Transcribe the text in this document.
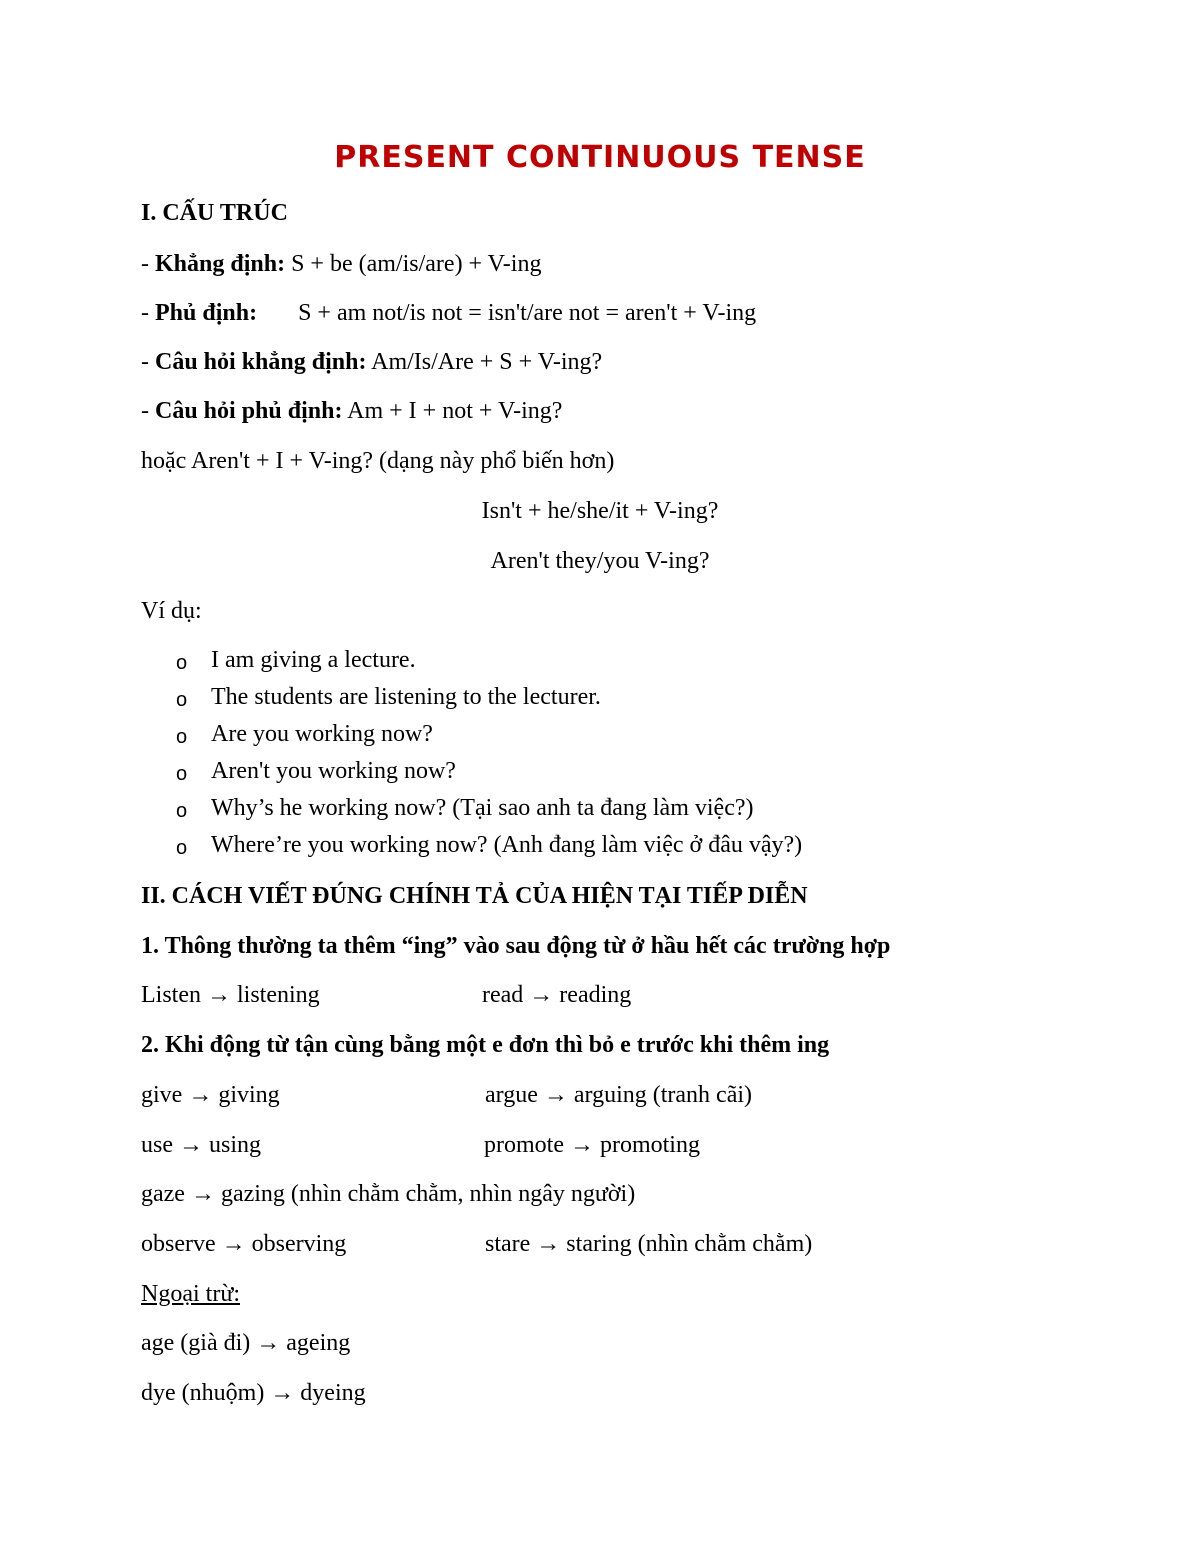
PRESENT CONTINUOUS TENSE
I. CẤU TRÚC
- Khẳng định: S + be (am/is/are) + V-ing
- Phủ định: S + am not/is not = isn't/are not = aren't + V-ing
- Câu hỏi khẳng định: Am/Is/Are + S + V-ing?
- Câu hỏi phủ định: Am + I + not + V-ing?
hoặc Aren't + I + V-ing? (dạng này phổ biến hơn)
Isn't + he/she/it + V-ing?
Aren't they/you V-ing?
Ví dụ:
o I am giving a lecture.
o The students are listening to the lecturer.
o Are you working now?
o Aren't you working now?
o Why’s he working now? (Tại sao anh ta đang làm việc?)
o Where’re you working now? (Anh đang làm việc ở đâu vậy?)
II. CÁCH VIẾT ĐÚNG CHÍNH TẢ CỦA HIỆN TẠI TIẾP DIỄN
1. Thông thường ta thêm “ing” vào sau động từ ở hầu hết các trường hợp
Listen → listening	read → reading
2. Khi động từ tận cùng bằng một e đơn thì bỏ e trước khi thêm ing
give → giving	argue → arguing (tranh cãi)
use → using	promote → promoting
gaze → gazing (nhìn chằm chằm, nhìn ngây người)
observe → observing	stare → staring (nhìn chằm chằm)
Ngoại trừ:
age (già đi) → ageing
dye (nhuộm) → dyeing
